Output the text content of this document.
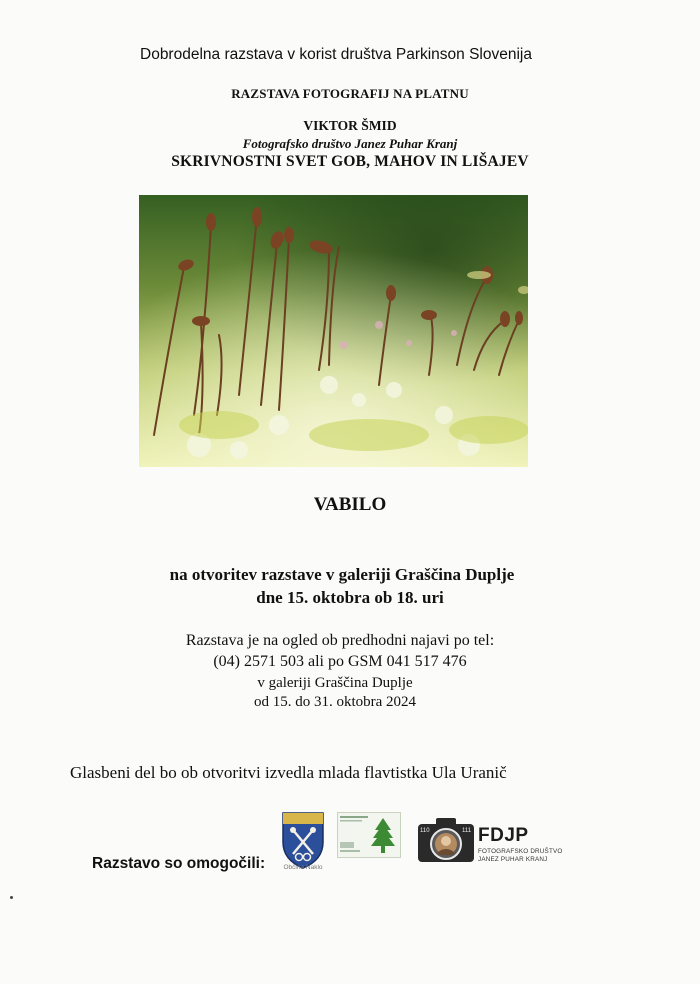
Dobrodelna razstava v korist društva Parkinson Slovenija
RAZSTAVA FOTOGRAFIJ NA PLATNU
VIKTOR ŠMID
Fotografsko društvo Janez Puhar Kranj
SKRIVNOSTNI SVET GOB, MAHOV IN LIŠAJEV
VABILO
na otvoritev razstave v galeriji Graščina Duplje
dne 15. oktobra ob 18. uri
Razstava je na ogled ob predhodni najavi po tel:
(04) 2571 503 ali po GSM 041 517 476
v galeriji Graščina Duplje
od 15. do 31. oktobra 2024
Glasbeni del bo ob otvoritvi izvedla mlada flavtistka Ula Uranič
Razstavo so omogočili:	Občina Naklo
110	111 FDJP
FOTOGRAFSKO DRUŠTVO
JANEZ PUHAR KRANJ
